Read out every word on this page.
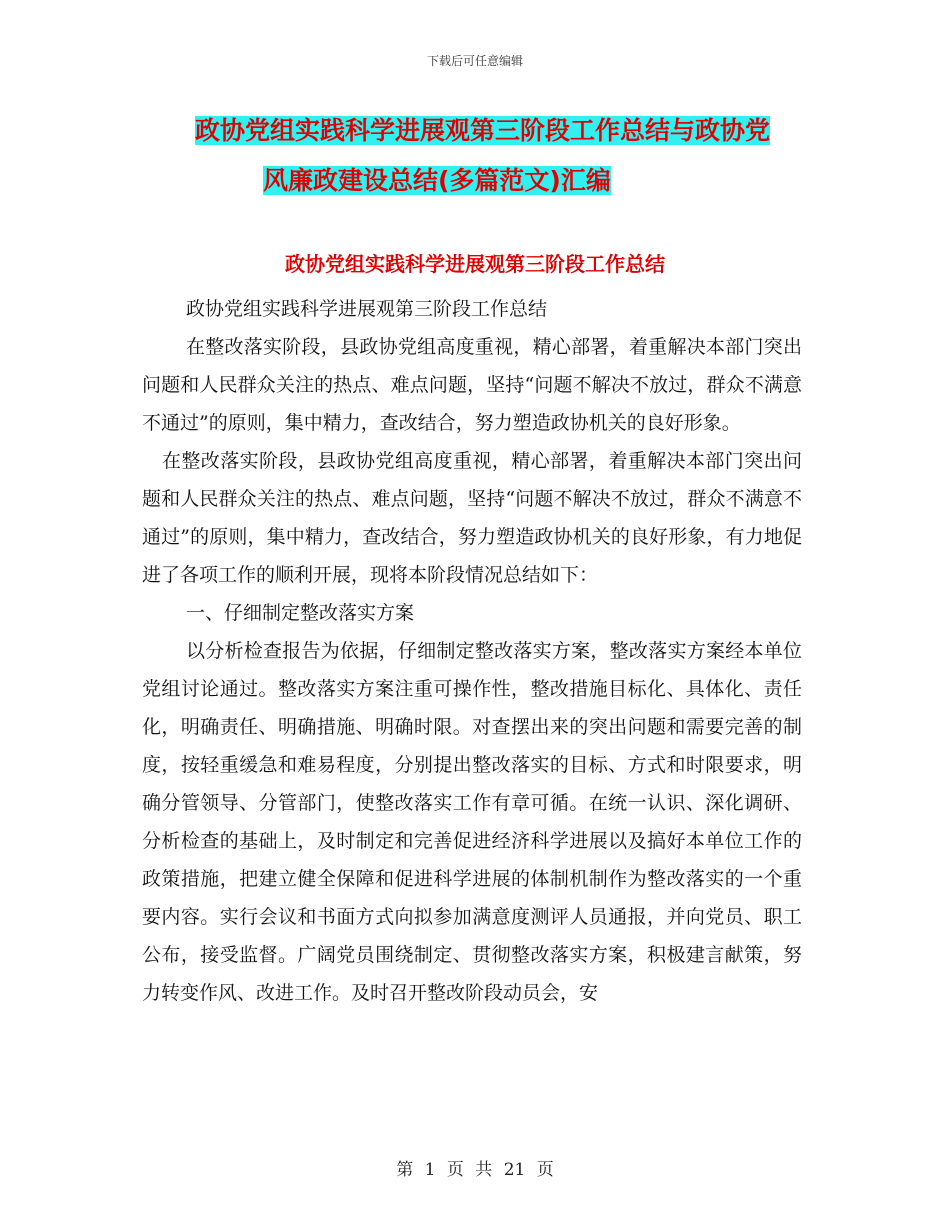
下载后可任意编辑
政协党组实践科学进展观第三阶段工作总结与政协党
风廉政建设总结(多篇范文)汇编
政协党组实践科学进展观第三阶段工作总结

政协党组实践科学进展观第三阶段工作总结

在整改落实阶段，县政协党组高度重视，精心部署，着重解决本部门突出问题和人民群众关注的热点、难点问题，坚持“问题不解决不放过，群众不满意不通过”的原则，集中精力，查改结合，努力塑造政协机关的良好形象。

在整改落实阶段，县政协党组高度重视，精心部署，着重解决本部门突出问题和人民群众关注的热点、难点问题，坚持“问题不解决不放过，群众不满意不通过”的原则，集中精力，查改结合，努力塑造政协机关的良好形象，有力地促进了各项工作的顺利开展，现将本阶段情况总结如下：

一、仔细制定整改落实方案

以分析检查报告为依据，仔细制定整改落实方案，整改落实方案经本单位党组讨论通过。整改落实方案注重可操作性，整改措施目标化、具体化、责任化，明确责任、明确措施、明确时限。对查摆出来的突出问题和需要完善的制度，按轻重缓急和难易程度，分别提出整改落实的目标、方式和时限要求，明确分管领导、分管部门，使整改落实工作有章可循。在统一认识、深化调研、分析检查的基础上，及时制定和完善促进经济科学进展以及搞好本单位工作的政策措施，把建立健全保障和促进科学进展的体制机制作为整改落实的一个重要内容。实行会议和书面方式向拟参加满意度测评人员通报，并向党员、职工公布，接受监督。广阔党员围绕制定、贯彻整改落实方案，积极建言献策，努力转变作风、改进工作。及时召开整改阶段动员会，安

第 1 页 共 21 页
